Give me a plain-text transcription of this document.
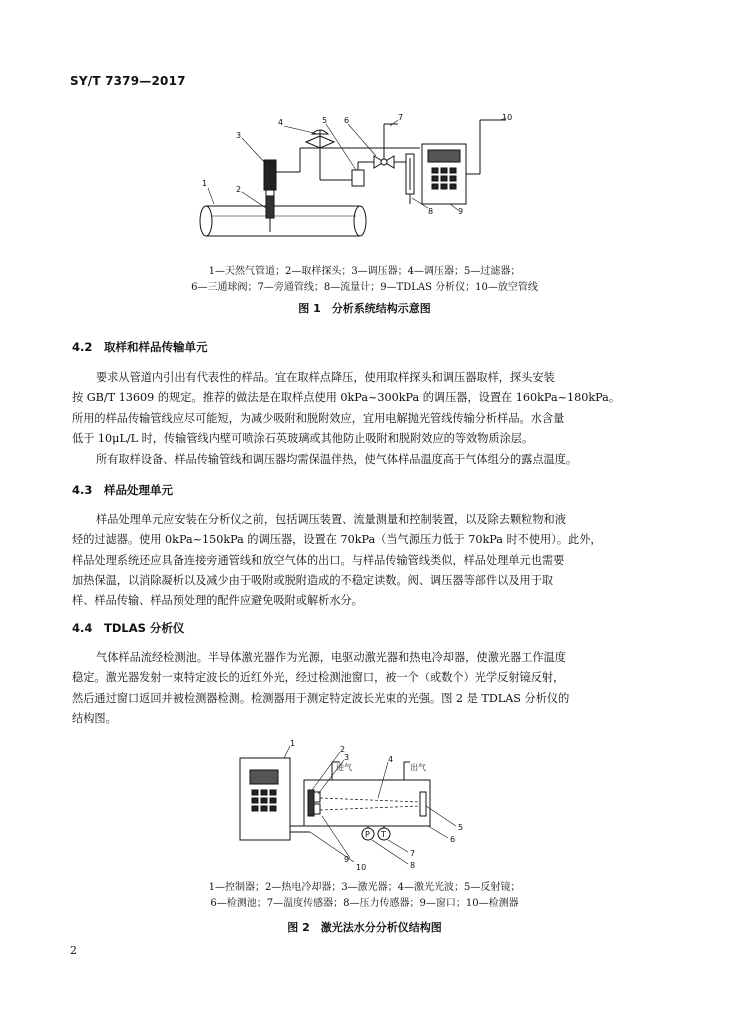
SY/T 7379—2017
1
2
3
4	5 6	7
8	9
10
1—天然气管道；2—取样探头；3—调压器；4—调压器；5—过滤器；
6—三通球阀；7—旁通管线；8—流量计；9—TDLAS 分析仪；10—放空管线
图 1　分析系统结构示意图
4.2 取样和样品传输单元
要求从管道内引出有代表性的样品。宜在取样点降压，使用取样探头和调压器取样，探头安装
按 GB/T 13609 的规定。推荐的做法是在取样点使用 0kPa~300kPa 的调压器，设置在 160kPa~180kPa。
所用的样品传输管线应尽可能短，为减少吸附和脱附效应，宜用电解抛光管线传输分析样品。水含量
低于 10μL/L 时，传输管线内壁可喷涂石英玻璃或其他防止吸附和脱附效应的等效物质涂层。
所有取样设备、样品传输管线和调压器均需保温伴热，使气体样品温度高于气体组分的露点温度。
4.3 样品处理单元
样品处理单元应安装在分析仪之前，包括调压装置、流量测量和控制装置，以及除去颗粒物和液
烃的过滤器。使用 0kPa~150kPa 的调压器，设置在 70kPa（当气源压力低于 70kPa 时不使用）。此外，
样品处理系统还应具备连接旁通管线和放空气体的出口。与样品传输管线类似，样品处理单元也需要
加热保温，以消除凝析以及减少由于吸附或脱附造成的不稳定读数。阀、调压器等部件以及用于取
样、样品传输、样品预处理的配件应避免吸附或解析水分。
4.4 TDLAS 分析仪
气体样品流经检测池。半导体激光器作为光源，电驱动激光器和热电冷却器，使激光器工作温度
稳定。激光器发射一束特定波长的近红外光，经过检测池窗口，被一个（或数个）光学反射镜反射，
然后通过窗口返回并被检测器检测。检测器用于测定特定波长光束的光强。图 2 是 TDLAS 分析仪的
结构图。
进气	出气
P T
1
2
3	4
5
6
7
8
9
10
1—控制器；2—热电冷却器；3—激光器；4—激光光波；5—反射镜；
6—检测池；7—温度传感器；8—压力传感器；9—窗口；10—检测器
图 2　激光法水分分析仪结构图
2
